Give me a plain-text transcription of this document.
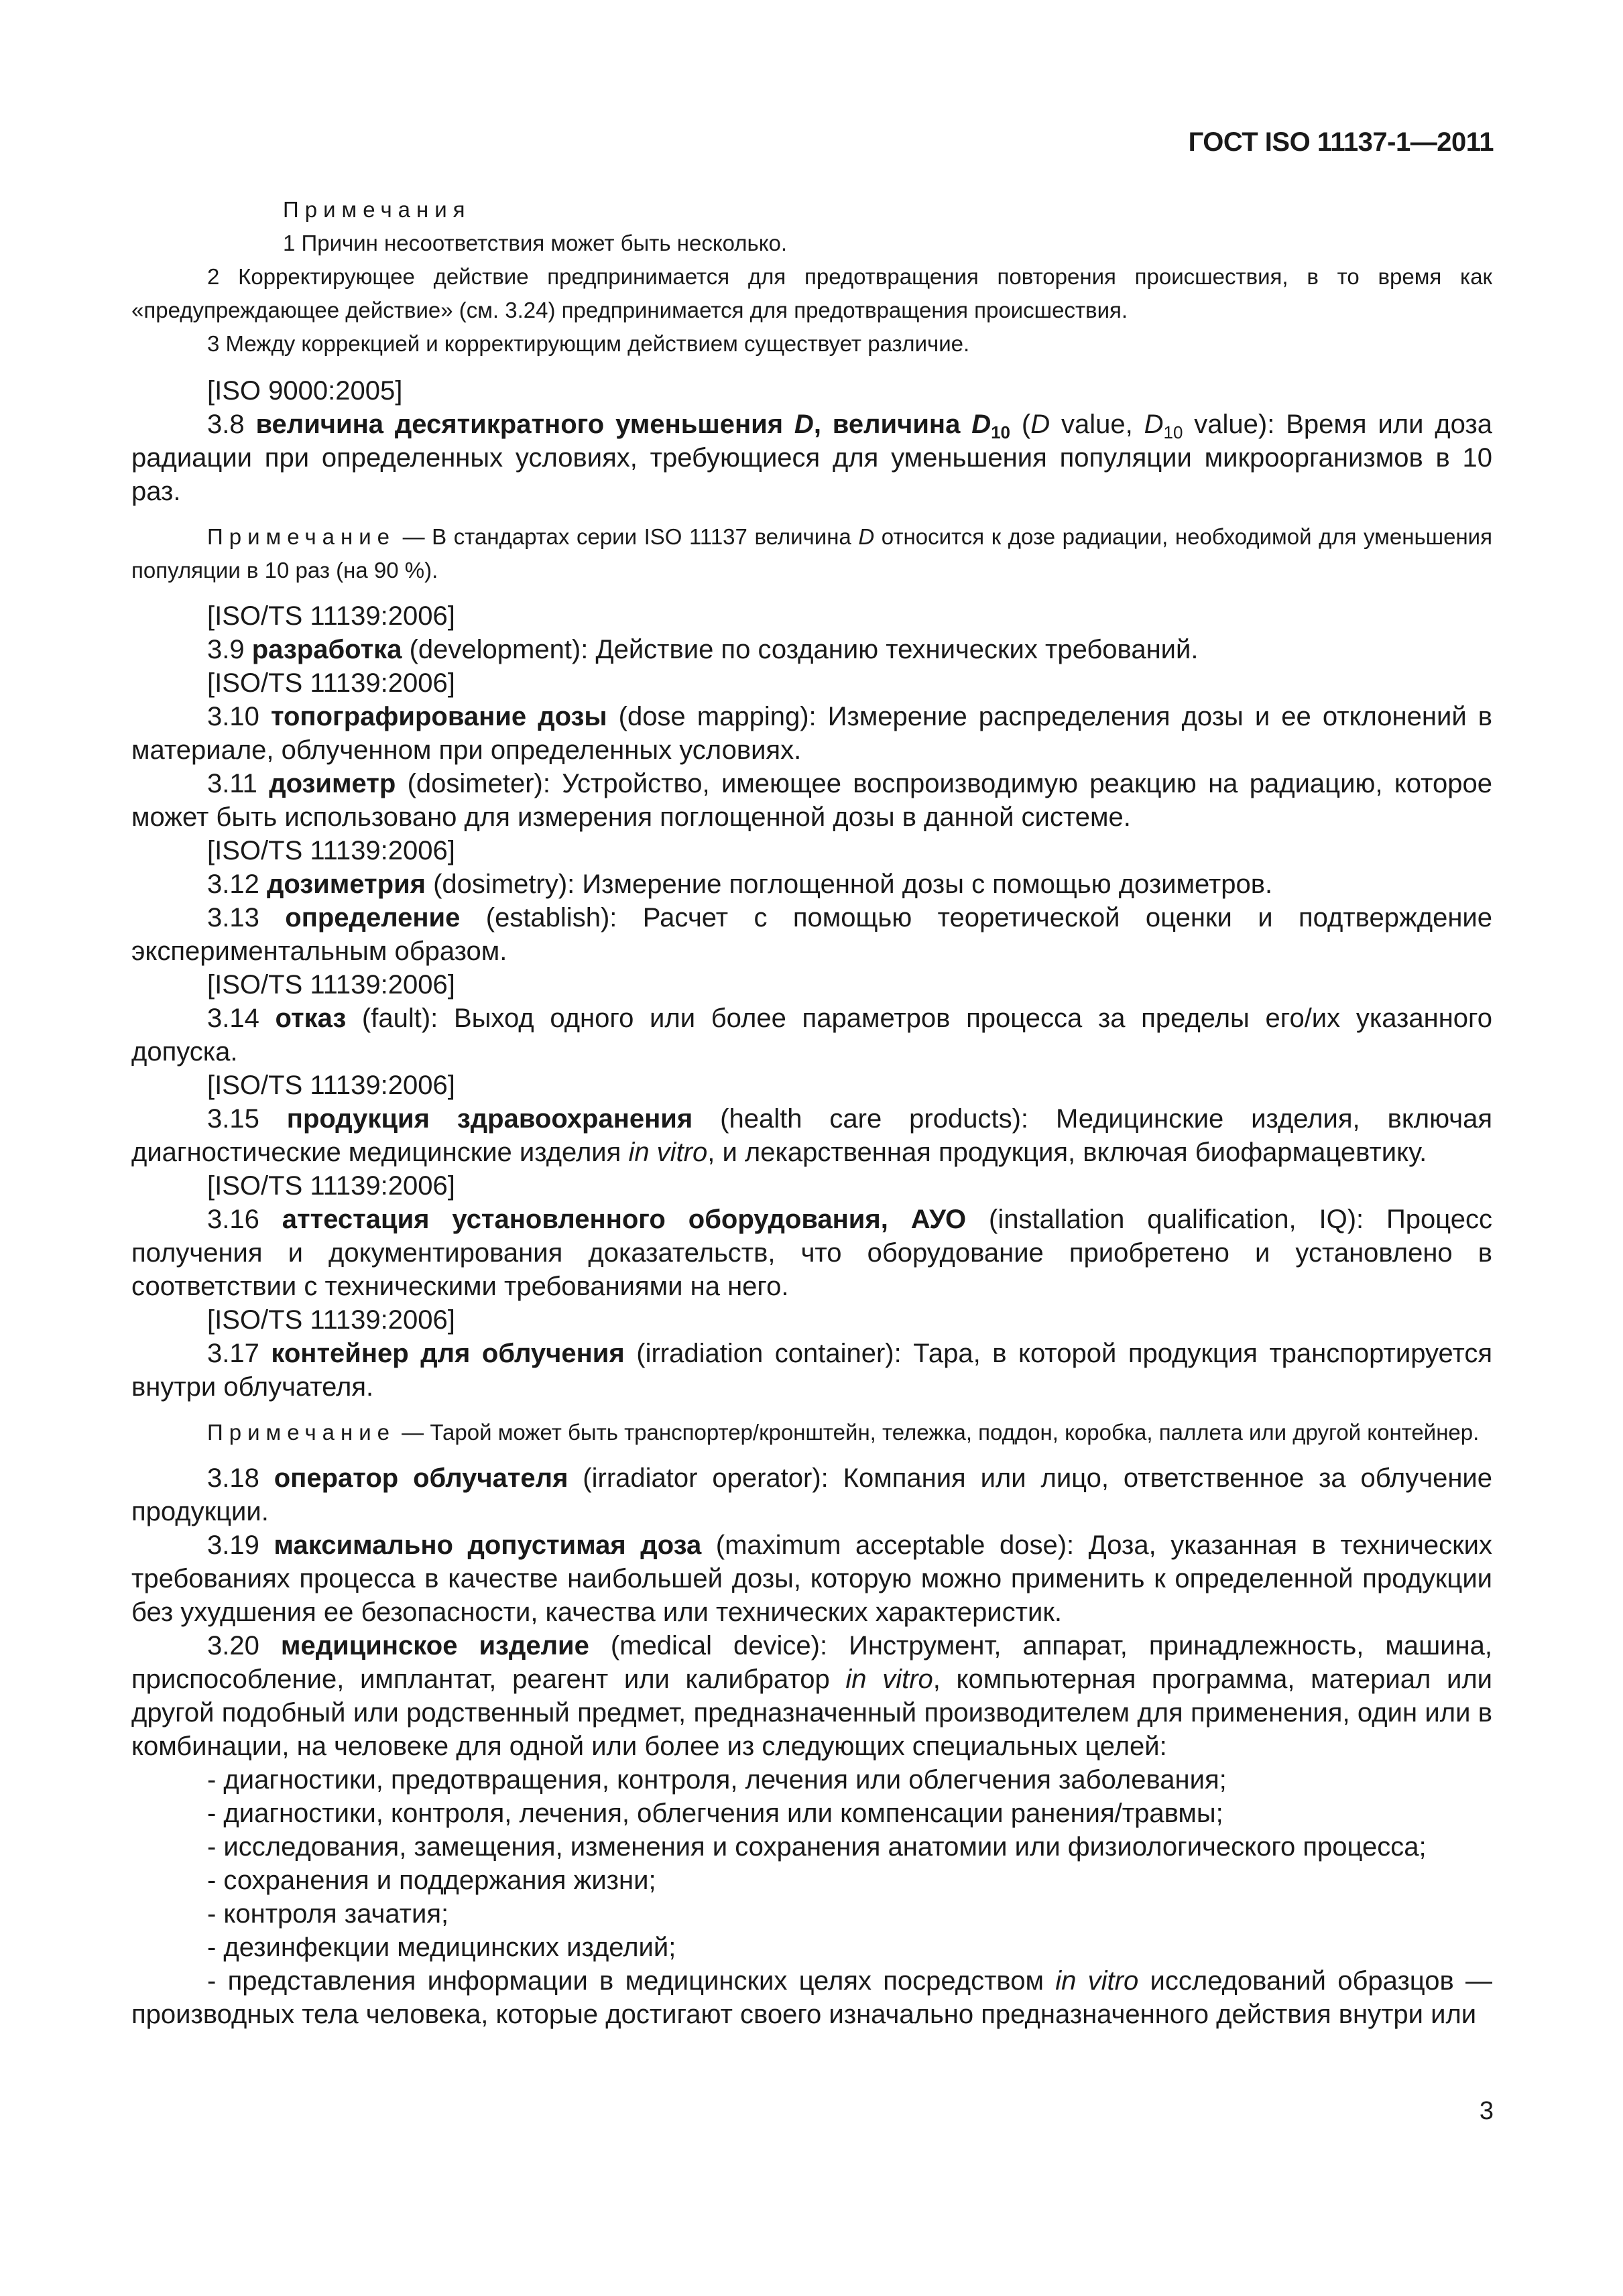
ГОСТ ISO 11137-1—2011
Примечания
1 Причин несоответствия может быть несколько.
2 Корректирующее действие предпринимается для предотвращения повторения происшествия, в то время как «предупреждающее действие» (см. 3.24) предпринимается для предотвращения происшествия.
3 Между коррекцией и корректирующим действием существует различие.
[ISO 9000:2005]
3.8 величина десятикратного уменьшения D, величина $D_{10}$ (D value, $D_{10}$ value): Время или доза радиации при определенных условиях, требующиеся для уменьшения популяции микроорганизмов в 10 раз.
Примечание — В стандартах серии ISO 11137 величина D относится к дозе радиации, необходимой для уменьшения популяции в 10 раз (на 90 %).
[ISO/TS 11139:2006]
3.9 разработка (development): Действие по созданию технических требований.
[ISO/TS 11139:2006]
3.10 топографирование дозы (dose mapping): Измерение распределения дозы и ее отклонений в материале, облученном при определенных условиях.
3.11 дозиметр (dosimeter): Устройство, имеющее воспроизводимую реакцию на радиацию, которое может быть использовано для измерения поглощенной дозы в данной системе.
[ISO/TS 11139:2006]
3.12 дозиметрия (dosimetry): Измерение поглощенной дозы с помощью дозиметров.
3.13 определение (establish): Расчет с помощью теоретической оценки и подтверждение экспериментальным образом.
[ISO/TS 11139:2006]
3.14 отказ (fault): Выход одного или более параметров процесса за пределы его/их указанного допуска.
[ISO/TS 11139:2006]
3.15 продукция здравоохранения (health care products): Медицинские изделия, включая диагностические медицинские изделия in vitro, и лекарственная продукция, включая биофармацевтику.
[ISO/TS 11139:2006]
3.16 аттестация установленного оборудования, АУО (installation qualification, IQ): Процесс получения и документирования доказательств, что оборудование приобретено и установлено в соответствии с техническими требованиями на него.
[ISO/TS 11139:2006]
3.17 контейнер для облучения (irradiation container): Тара, в которой продукция транспортируется внутри облучателя.
Примечание — Тарой может быть транспортер/кронштейн, тележка, поддон, коробка, паллета или другой контейнер.
3.18 оператор облучателя (irradiator operator): Компания или лицо, ответственное за облучение продукции.
3.19 максимально допустимая доза (maximum acceptable dose): Доза, указанная в технических требованиях процесса в качестве наибольшей дозы, которую можно применить к определенной продукции без ухудшения ее безопасности, качества или технических характеристик.
3.20 медицинское изделие (medical device): Инструмент, аппарат, принадлежность, машина, приспособление, имплантат, реагент или калибратор in vitro, компьютерная программа, материал или другой подобный или родственный предмет, предназначенный производителем для применения, один или в комбинации, на человеке для одной или более из следующих специальных целей:
- диагностики, предотвращения, контроля, лечения или облегчения заболевания;
- диагностики, контроля, лечения, облегчения или компенсации ранения/травмы;
- исследования, замещения, изменения и сохранения анатомии или физиологического процесса;
- сохранения и поддержания жизни;
- контроля зачатия;
- дезинфекции медицинских изделий;
- представления информации в медицинских целях посредством in vitro исследований образцов — производных тела человека, которые достигают своего изначально предназначенного действия внутри или
3
